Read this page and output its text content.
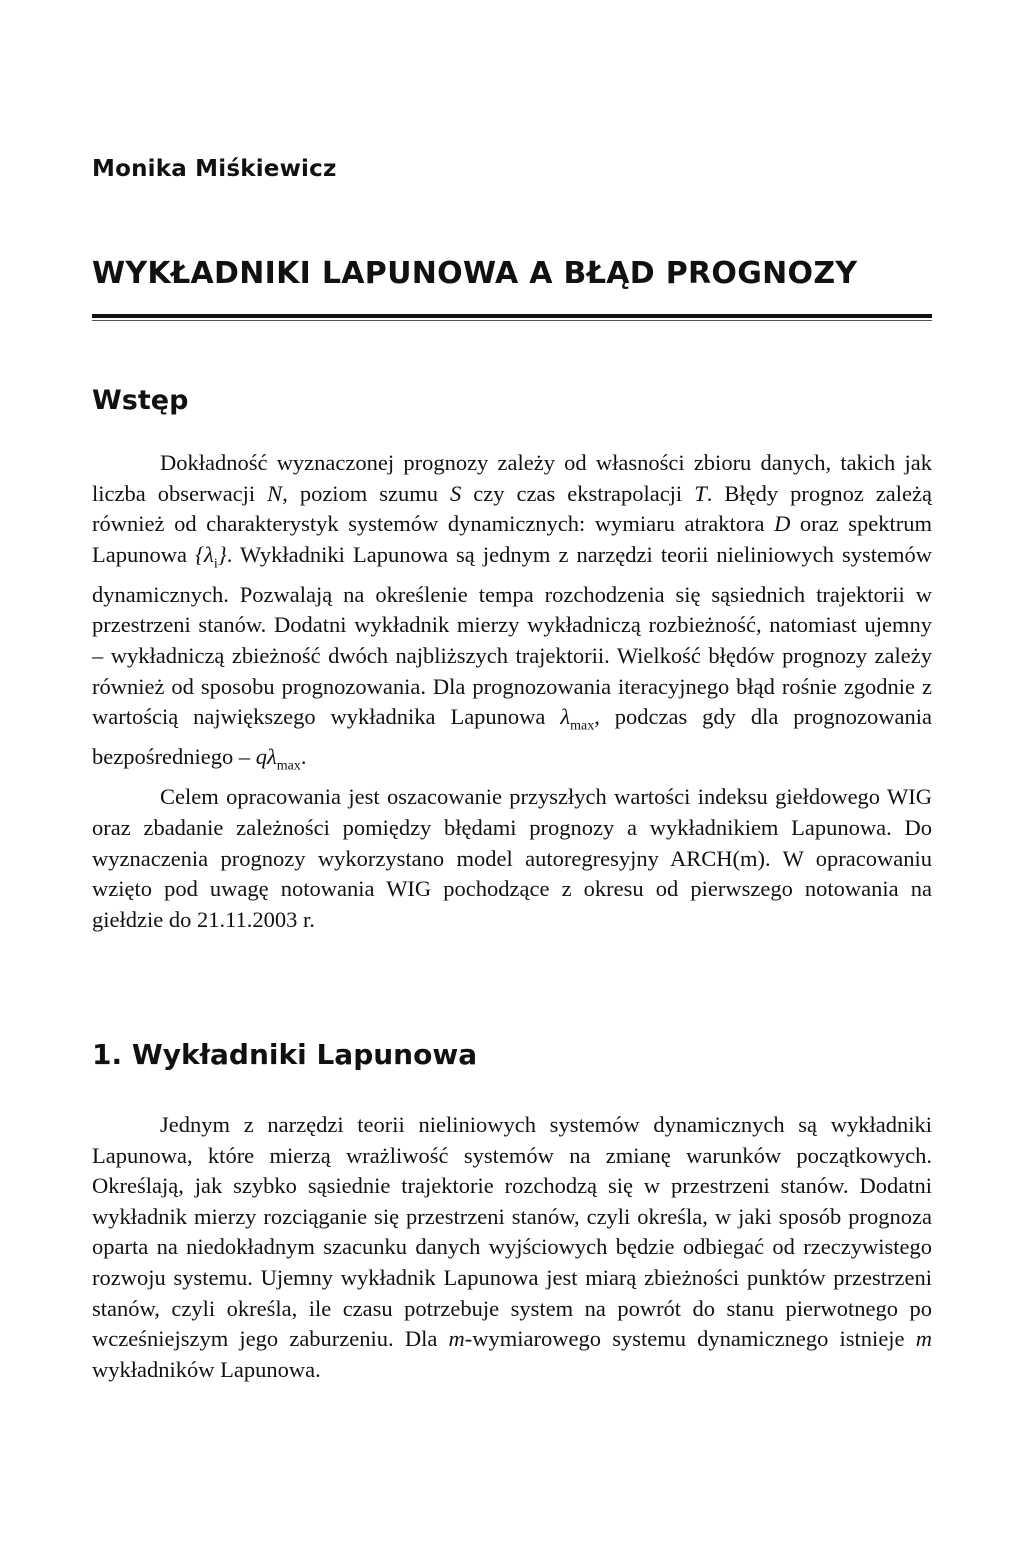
Monika Miśkiewicz
WYKŁADNIKI LAPUNOWA A BŁĄD PROGNOZY
Wstęp

Dokładność wyznaczonej prognozy zależy od własności zbioru danych, takich jak liczba obserwacji N, poziom szumu S czy czas ekstrapolacji T. Błędy prognoz zależą również od charakterystyk systemów dynamicznych: wymiaru atraktora D oraz spektrum Lapunowa $\{\lambda_i\}$. Wykładniki Lapunowa są jednym z narzędzi teorii nieliniowych systemów dynamicznych. Pozwalają na określenie tempa rozchodzenia się sąsiednich trajektorii w przestrzeni stanów. Dodatni wykładnik mierzy wykładniczą rozbieżność, natomiast ujemny – wykładniczą zbieżność dwóch najbliższych trajektorii. Wielkość błędów prognozy zależy również od sposobu prognozowania. Dla prognozowania iteracyjnego błąd rośnie zgodnie z wartością największego wykładnika Lapunowa $\lambda_{max}$, podczas gdy dla prognozowania bezpośredniego – $q\lambda_{max}$.

Celem opracowania jest oszacowanie przyszłych wartości indeksu giełdowego WIG oraz zbadanie zależności pomiędzy błędami prognozy a wykładnikiem Lapunowa. Do wyznaczenia prognozy wykorzystano model autoregresyjny ARCH(m). W opracowaniu wzięto pod uwagę notowania WIG pochodzące z okresu od pierwszego notowania na giełdzie do 21.11.2003 r.

1. Wykładniki Lapunowa

Jednym z narzędzi teorii nieliniowych systemów dynamicznych są wykładniki Lapunowa, które mierzą wrażliwość systemów na zmianę warunków początkowych. Określają, jak szybko sąsiednie trajektorie rozchodzą się w przestrzeni stanów. Dodatni wykładnik mierzy rozciąganie się przestrzeni stanów, czyli określa, w jaki sposób prognoza oparta na niedokładnym szacunku danych wyjściowych będzie odbiegać od rzeczywistego rozwoju systemu. Ujemny wykładnik Lapunowa jest miarą zbieżności punktów przestrzeni stanów, czyli określa, ile czasu potrzebuje system na powrót do stanu pierwotnego po wcześniejszym jego zaburzeniu. Dla m-wymiarowego systemu dynamicznego istnieje m wykładników Lapunowa.
